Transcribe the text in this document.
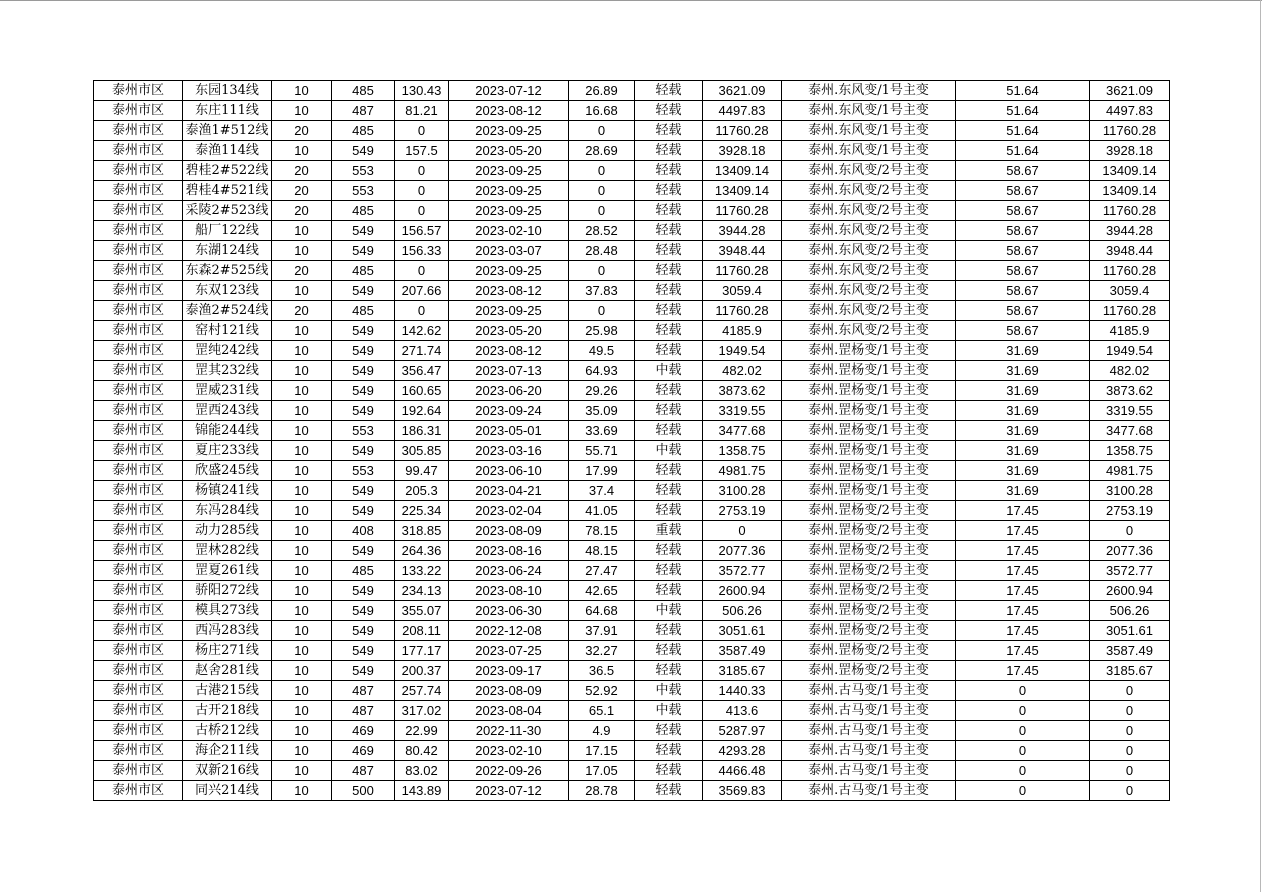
泰州市区	东园134线	10	485	130.43	2023-07-12	26.89	轻载	3621.09	泰州.东风变/1号主变	51.64	3621.09
泰州市区	东庄111线	10	487	81.21	2023-08-12	16.68	轻载	4497.83	泰州.东风变/1号主变	51.64	4497.83
泰州市区	泰渔1#512线	20	485	0	2023-09-25	0	轻载	11760.28	泰州.东风变/1号主变	51.64	11760.28
泰州市区	泰渔114线	10	549	157.5	2023-05-20	28.69	轻载	3928.18	泰州.东风变/1号主变	51.64	3928.18
泰州市区	碧桂2#522线	20	553	0	2023-09-25	0	轻载	13409.14	泰州.东风变/2号主变	58.67	13409.14
泰州市区	碧桂4#521线	20	553	0	2023-09-25	0	轻载	13409.14	泰州.东风变/2号主变	58.67	13409.14
泰州市区	采陵2#523线	20	485	0	2023-09-25	0	轻载	11760.28	泰州.东风变/2号主变	58.67	11760.28
泰州市区	船厂122线	10	549	156.57	2023-02-10	28.52	轻载	3944.28	泰州.东风变/2号主变	58.67	3944.28
泰州市区	东湖124线	10	549	156.33	2023-03-07	28.48	轻载	3948.44	泰州.东风变/2号主变	58.67	3948.44
泰州市区	东森2#525线	20	485	0	2023-09-25	0	轻载	11760.28	泰州.东风变/2号主变	58.67	11760.28
泰州市区	东双123线	10	549	207.66	2023-08-12	37.83	轻载	3059.4	泰州.东风变/2号主变	58.67	3059.4
泰州市区	泰渔2#524线	20	485	0	2023-09-25	0	轻载	11760.28	泰州.东风变/2号主变	58.67	11760.28
泰州市区	窑村121线	10	549	142.62	2023-05-20	25.98	轻载	4185.9	泰州.东风变/2号主变	58.67	4185.9
泰州市区	罡纯242线	10	549	271.74	2023-08-12	49.5	轻载	1949.54	泰州.罡杨变/1号主变	31.69	1949.54
泰州市区	罡其232线	10	549	356.47	2023-07-13	64.93	中载	482.02	泰州.罡杨变/1号主变	31.69	482.02
泰州市区	罡威231线	10	549	160.65	2023-06-20	29.26	轻载	3873.62	泰州.罡杨变/1号主变	31.69	3873.62
泰州市区	罡西243线	10	549	192.64	2023-09-24	35.09	轻载	3319.55	泰州.罡杨变/1号主变	31.69	3319.55
泰州市区	锦能244线	10	553	186.31	2023-05-01	33.69	轻载	3477.68	泰州.罡杨变/1号主变	31.69	3477.68
泰州市区	夏庄233线	10	549	305.85	2023-03-16	55.71	中载	1358.75	泰州.罡杨变/1号主变	31.69	1358.75
泰州市区	欣盛245线	10	553	99.47	2023-06-10	17.99	轻载	4981.75	泰州.罡杨变/1号主变	31.69	4981.75
泰州市区	杨镇241线	10	549	205.3	2023-04-21	37.4	轻载	3100.28	泰州.罡杨变/1号主变	31.69	3100.28
泰州市区	东冯284线	10	549	225.34	2023-02-04	41.05	轻载	2753.19	泰州.罡杨变/2号主变	17.45	2753.19
泰州市区	动力285线	10	408	318.85	2023-08-09	78.15	重载	0	泰州.罡杨变/2号主变	17.45	0
泰州市区	罡林282线	10	549	264.36	2023-08-16	48.15	轻载	2077.36	泰州.罡杨变/2号主变	17.45	2077.36
泰州市区	罡夏261线	10	485	133.22	2023-06-24	27.47	轻载	3572.77	泰州.罡杨变/2号主变	17.45	3572.77
泰州市区	骄阳272线	10	549	234.13	2023-08-10	42.65	轻载	2600.94	泰州.罡杨变/2号主变	17.45	2600.94
泰州市区	模具273线	10	549	355.07	2023-06-30	64.68	中载	506.26	泰州.罡杨变/2号主变	17.45	506.26
泰州市区	西冯283线	10	549	208.11	2022-12-08	37.91	轻载	3051.61	泰州.罡杨变/2号主变	17.45	3051.61
泰州市区	杨庄271线	10	549	177.17	2023-07-25	32.27	轻载	3587.49	泰州.罡杨变/2号主变	17.45	3587.49
泰州市区	赵舍281线	10	549	200.37	2023-09-17	36.5	轻载	3185.67	泰州.罡杨变/2号主变	17.45	3185.67
泰州市区	古港215线	10	487	257.74	2023-08-09	52.92	中载	1440.33	泰州.古马变/1号主变	0	0
泰州市区	古开218线	10	487	317.02	2023-08-04	65.1	中载	413.6	泰州.古马变/1号主变	0	0
泰州市区	古桥212线	10	469	22.99	2022-11-30	4.9	轻载	5287.97	泰州.古马变/1号主变	0	0
泰州市区	海企211线	10	469	80.42	2023-02-10	17.15	轻载	4293.28	泰州.古马变/1号主变	0	0
泰州市区	双新216线	10	487	83.02	2022-09-26	17.05	轻载	4466.48	泰州.古马变/1号主变	0	0
泰州市区	同兴214线	10	500	143.89	2023-07-12	28.78	轻载	3569.83	泰州.古马变/1号主变	0	0
